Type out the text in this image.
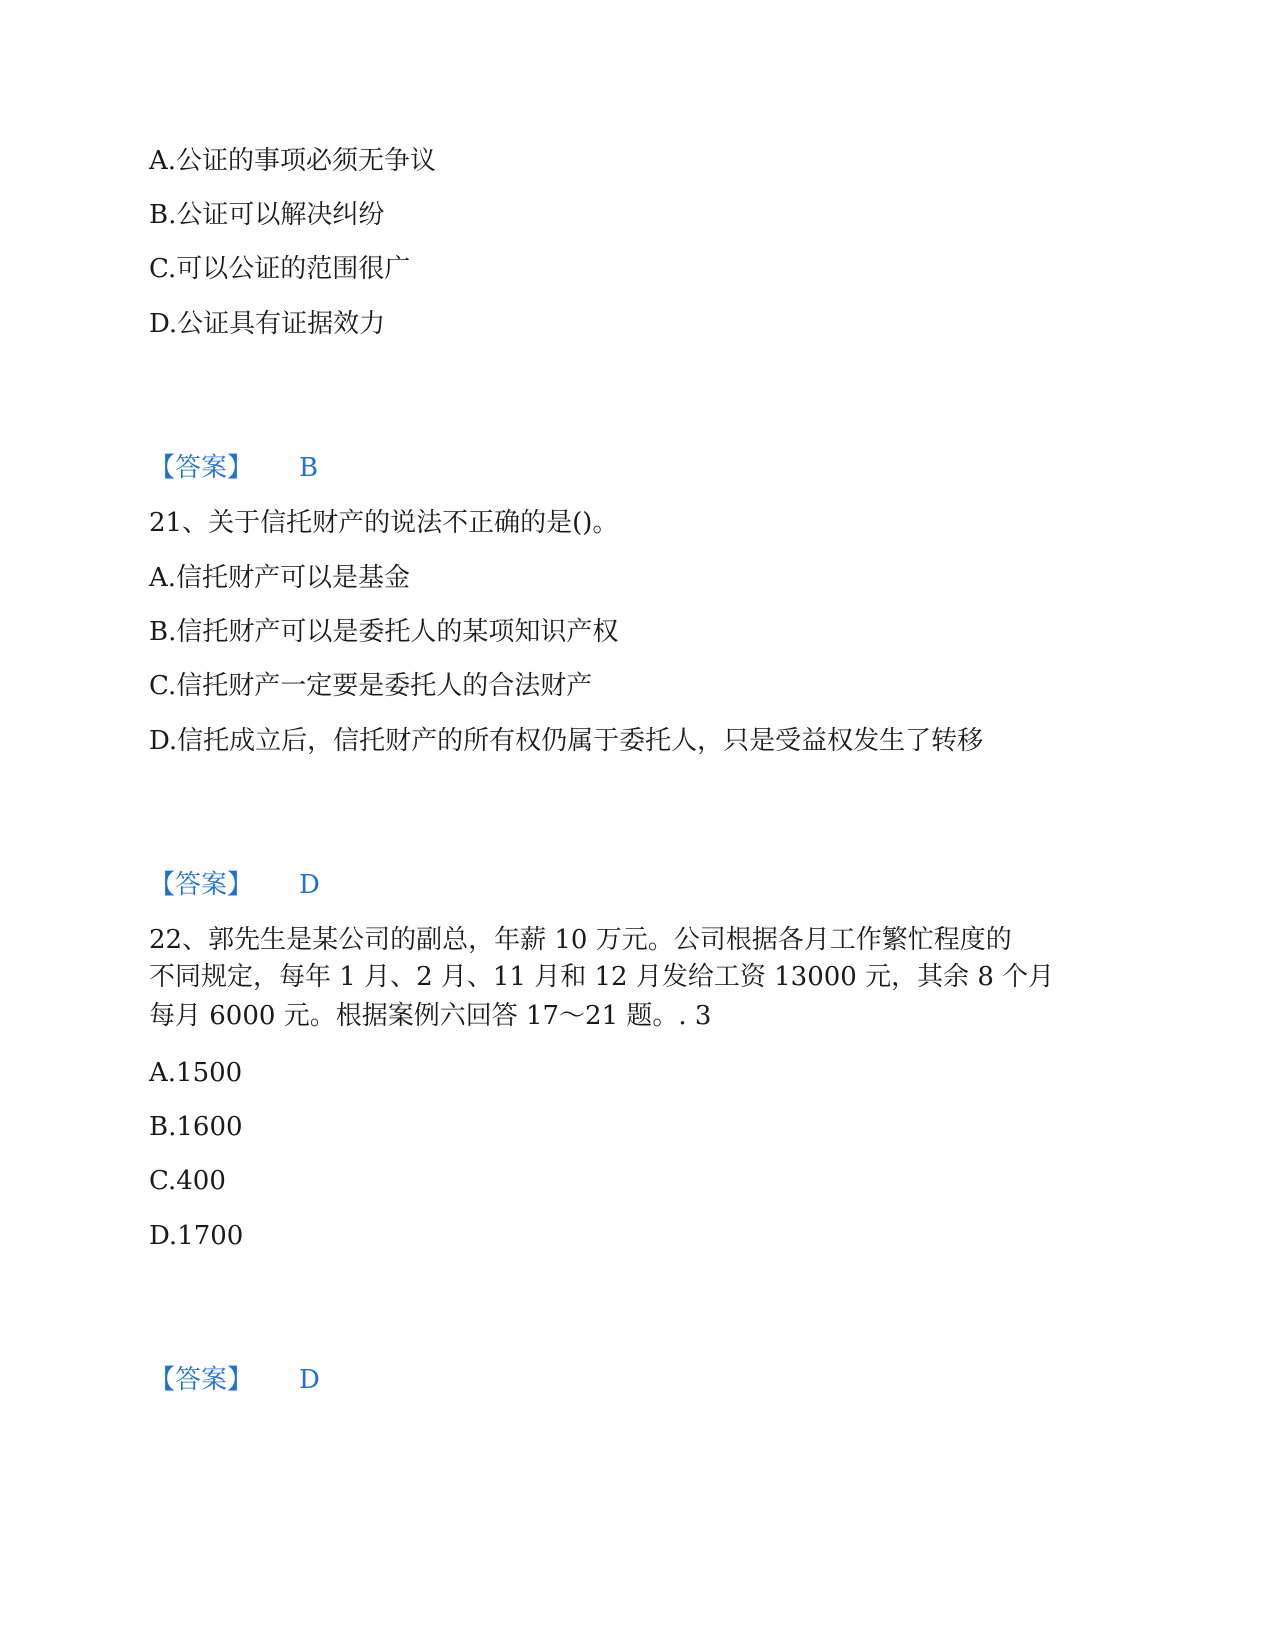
A.公证的事项必须无争议
B.公证可以解决纠纷
C.可以公证的范围很广
D.公证具有证据效力
【答案】 B
21、关于信托财产的说法不正确的是()。
A.信托财产可以是基金
B.信托财产可以是委托人的某项知识产权
C.信托财产一定要是委托人的合法财产
D.信托成立后，信托财产的所有权仍属于委托人，只是受益权发生了转移
【答案】 D
22、郭先生是某公司的副总，年薪 10 万元。公司根据各月工作繁忙程度的
不同规定，每年 1 月、2 月、11 月和 12 月发给工资 13000 元，其余 8 个月
每月 6000 元。根据案例六回答 17～21 题。. 3
A.1500
B.1600
C.400
D.1700
【答案】 D
